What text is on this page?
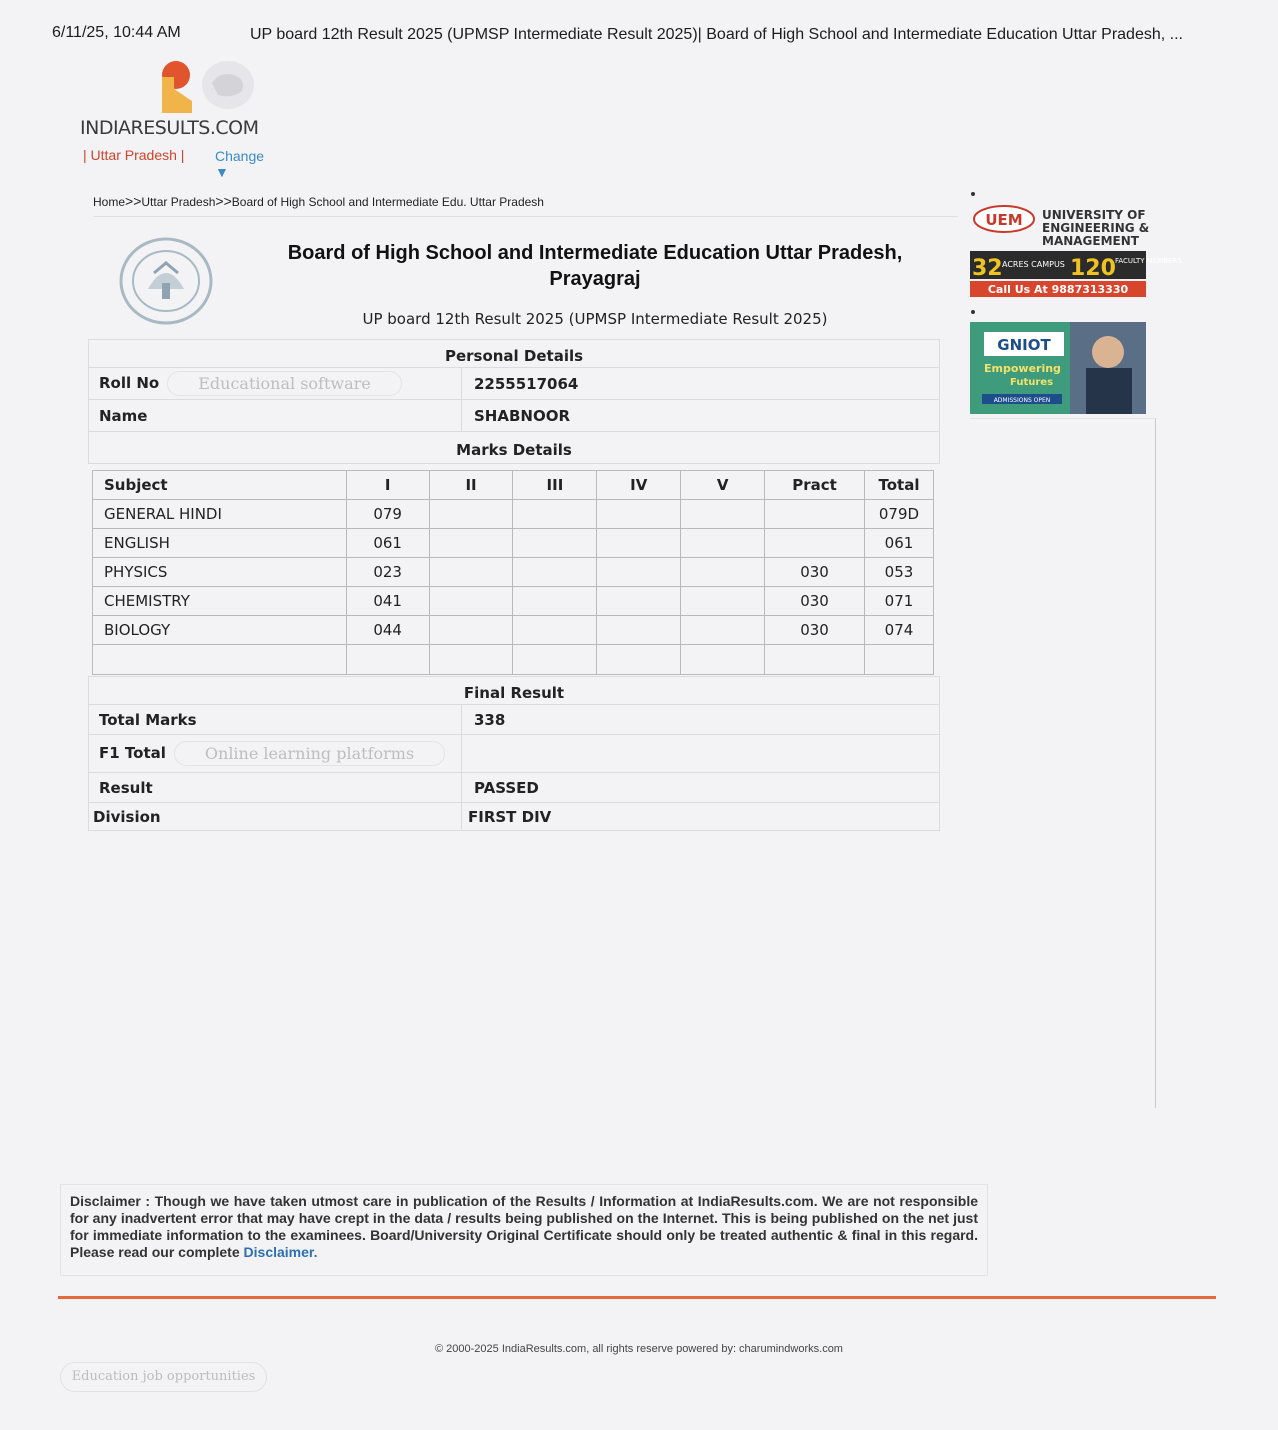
6/11/25, 10:44 AM	UP board 12th Result 2025 (UPMSP Intermediate Result 2025)| Board of High School and Intermediate Education Uttar Pradesh, ...
INDIARESULTS.COM
| Uttar Pradesh | Change ▼
Home>>Uttar Pradesh>>Board of High School and Intermediate Edu. Uttar Pradesh
Board of High School and Intermediate Education Uttar Pradesh, Prayagraj
UP board 12th Result 2025 (UPMSP Intermediate Result 2025)
Personal Details	
Roll No Educational software	2255517064
Name	SHABNOOR
Marks Details	
Subject	I	II	III	IV	V	Pract	Total
GENERAL HINDI	079						079D
ENGLISH	061						061
PHYSICS	023					030	053
CHEMISTRY	041					030	071
BIOLOGY	044					030	074

Final Result	
Total Marks	338
F1 Total Online learning platforms	
Result	PASSED
Division	FIRST DIV
UEM UNIVERSITY OF
ENGINEERING &
MANAGEMENT
32 ACRES CAMPUS 120 FACULTY MEMBERS
Call Us At 9887313330
GNIOT
Empowering
Futures
ADMISSIONS OPEN
Disclaimer : Though we have taken utmost care in publication of the Results / Information at IndiaResults.com. We are not responsible for any inadvertent error that may have crept in the data / results being published on the Internet. This is being published on the net just for immediate information to the examinees. Board/University Original Certificate should only be treated authentic & final in this regard. Please read our complete Disclaimer.
© 2000-2025 IndiaResults.com, all rights reserve powered by: charumindworks.com
Education job opportunities
